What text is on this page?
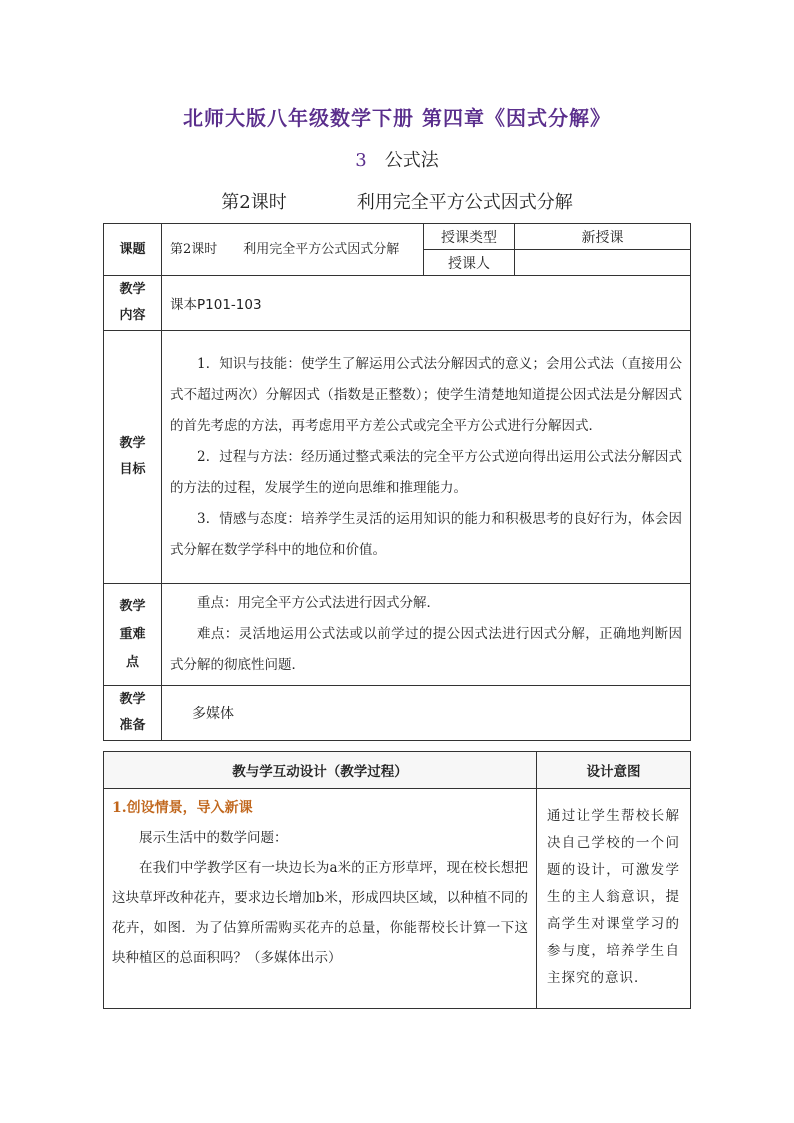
北师大版八年级数学下册 第四章《因式分解》
3 公式法
第2课时	利用完全平方公式因式分解
课题	第2课时　　利用完全平方公式因式分解	授课类型	新授课
		授课人	

教学内容	课本P101-103		

教学目标	1．知识与技能：使学生了解运用公式法分解因式的意义；会用公式法（直接用公式不超过两次）分解因式（指数是正整数）；使学生清楚地知道提公因式法是分解因式的首先考虑的方法，再考虑用平方差公式或完全平方公式进行分解因式．

2．过程与方法：经历通过整式乘法的完全平方公式逆向得出运用公式法分解因式的方法的过程，发展学生的逆向思维和推理能力。

3．情感与态度：培养学生灵活的运用知识的能力和积极思考的良好行为，体会因式分解在数学学科中的地位和价值。		

教学重难点	重点：用完全平方公式法进行因式分解．

难点：灵活地运用公式法或以前学过的提公因式法进行因式分解，正确地判断因式分解的彻底性问题．		

教学准备	多媒体		
教与学互动设计（教学过程）	设计意图

1.创设情景，导入新课

展示生活中的数学问题：

在我们中学教学区有一块边长为a米的正方形草坪，现在校长想把这块草坪改种花卉，要求边长增加b米，形成四块区域，以种植不同的花卉，如图．为了估算所需购买花卉的总量，你能帮校长计算一下这块种植区的总面积吗？（多媒体出示）	通过让学生帮校长解决自己学校的一个问题的设计，可激发学生的主人翁意识，提高学生对课堂学习的参与度，培养学生自主探究的意识．
